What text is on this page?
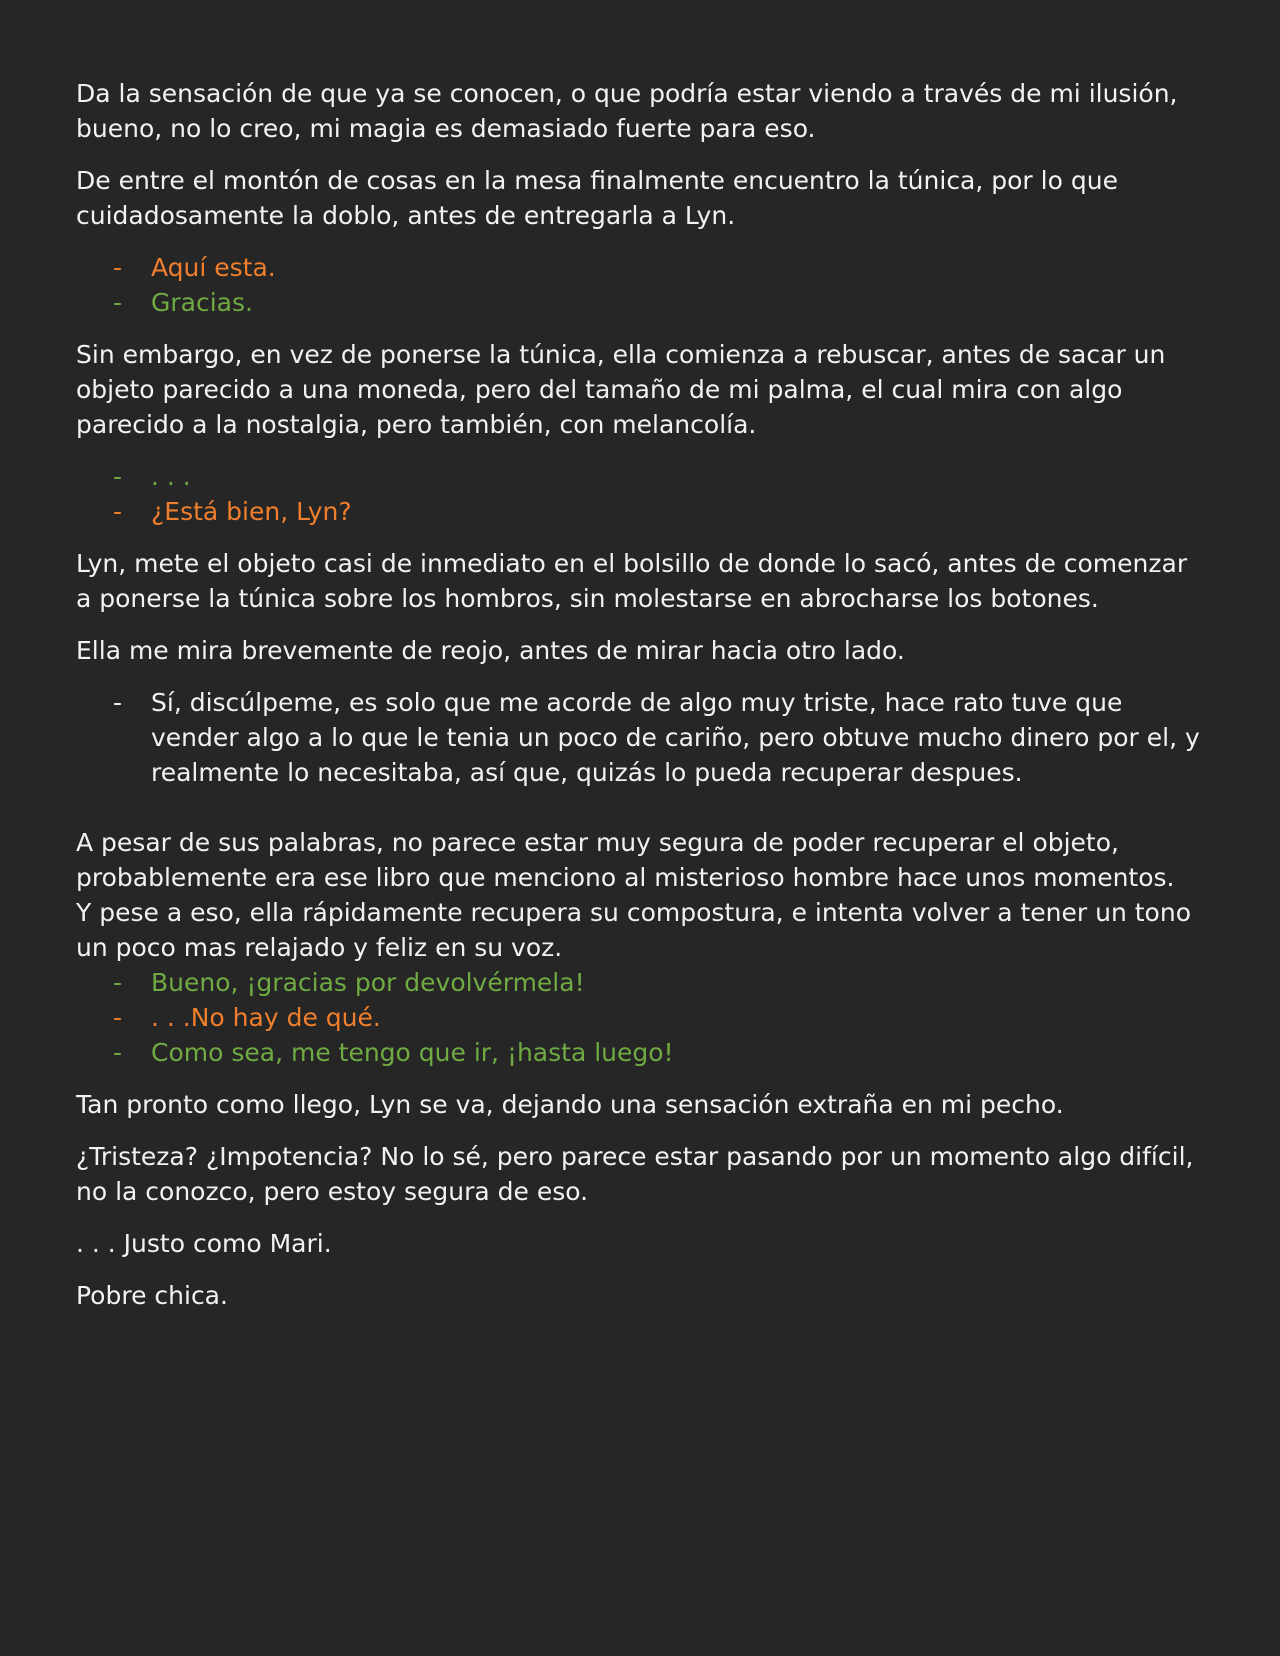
Da la sensación de que ya se conocen, o que podría estar viendo a través de mi ilusión, bueno, no lo creo, mi magia es demasiado fuerte para eso.

De entre el montón de cosas en la mesa finalmente encuentro la túnica, por lo que cuidadosamente la doblo, antes de entregarla a Lyn.

- Aquí esta.
- Gracias.

Sin embargo, en vez de ponerse la túnica, ella comienza a rebuscar, antes de sacar un objeto parecido a una moneda, pero del tamaño de mi palma, el cual mira con algo parecido a la nostalgia, pero también, con melancolía.

- . . .
- ¿Está bien, Lyn?

Lyn, mete el objeto casi de inmediato en el bolsillo de donde lo sacó, antes de comenzar a ponerse la túnica sobre los hombros, sin molestarse en abrocharse los botones.

Ella me mira brevemente de reojo, antes de mirar hacia otro lado.

- Sí, discúlpeme, es solo que me acorde de algo muy triste, hace rato tuve que vender algo a lo que le tenia un poco de cariño, pero obtuve mucho dinero por el, y realmente lo necesitaba, así que, quizás lo pueda recuperar despues.

A pesar de sus palabras, no parece estar muy segura de poder recuperar el objeto, probablemente era ese libro que menciono al misterioso hombre hace unos momentos.

Y pese a eso, ella rápidamente recupera su compostura, e intenta volver a tener un tono un poco mas relajado y feliz en su voz.

- Bueno, ¡gracias por devolvérmela!
- . . .No hay de qué.
- Como sea, me tengo que ir, ¡hasta luego!

Tan pronto como llego, Lyn se va, dejando una sensación extraña en mi pecho.

¿Tristeza? ¿Impotencia? No lo sé, pero parece estar pasando por un momento algo difícil, no la conozco, pero estoy segura de eso.

. . . Justo como Mari.

Pobre chica.
